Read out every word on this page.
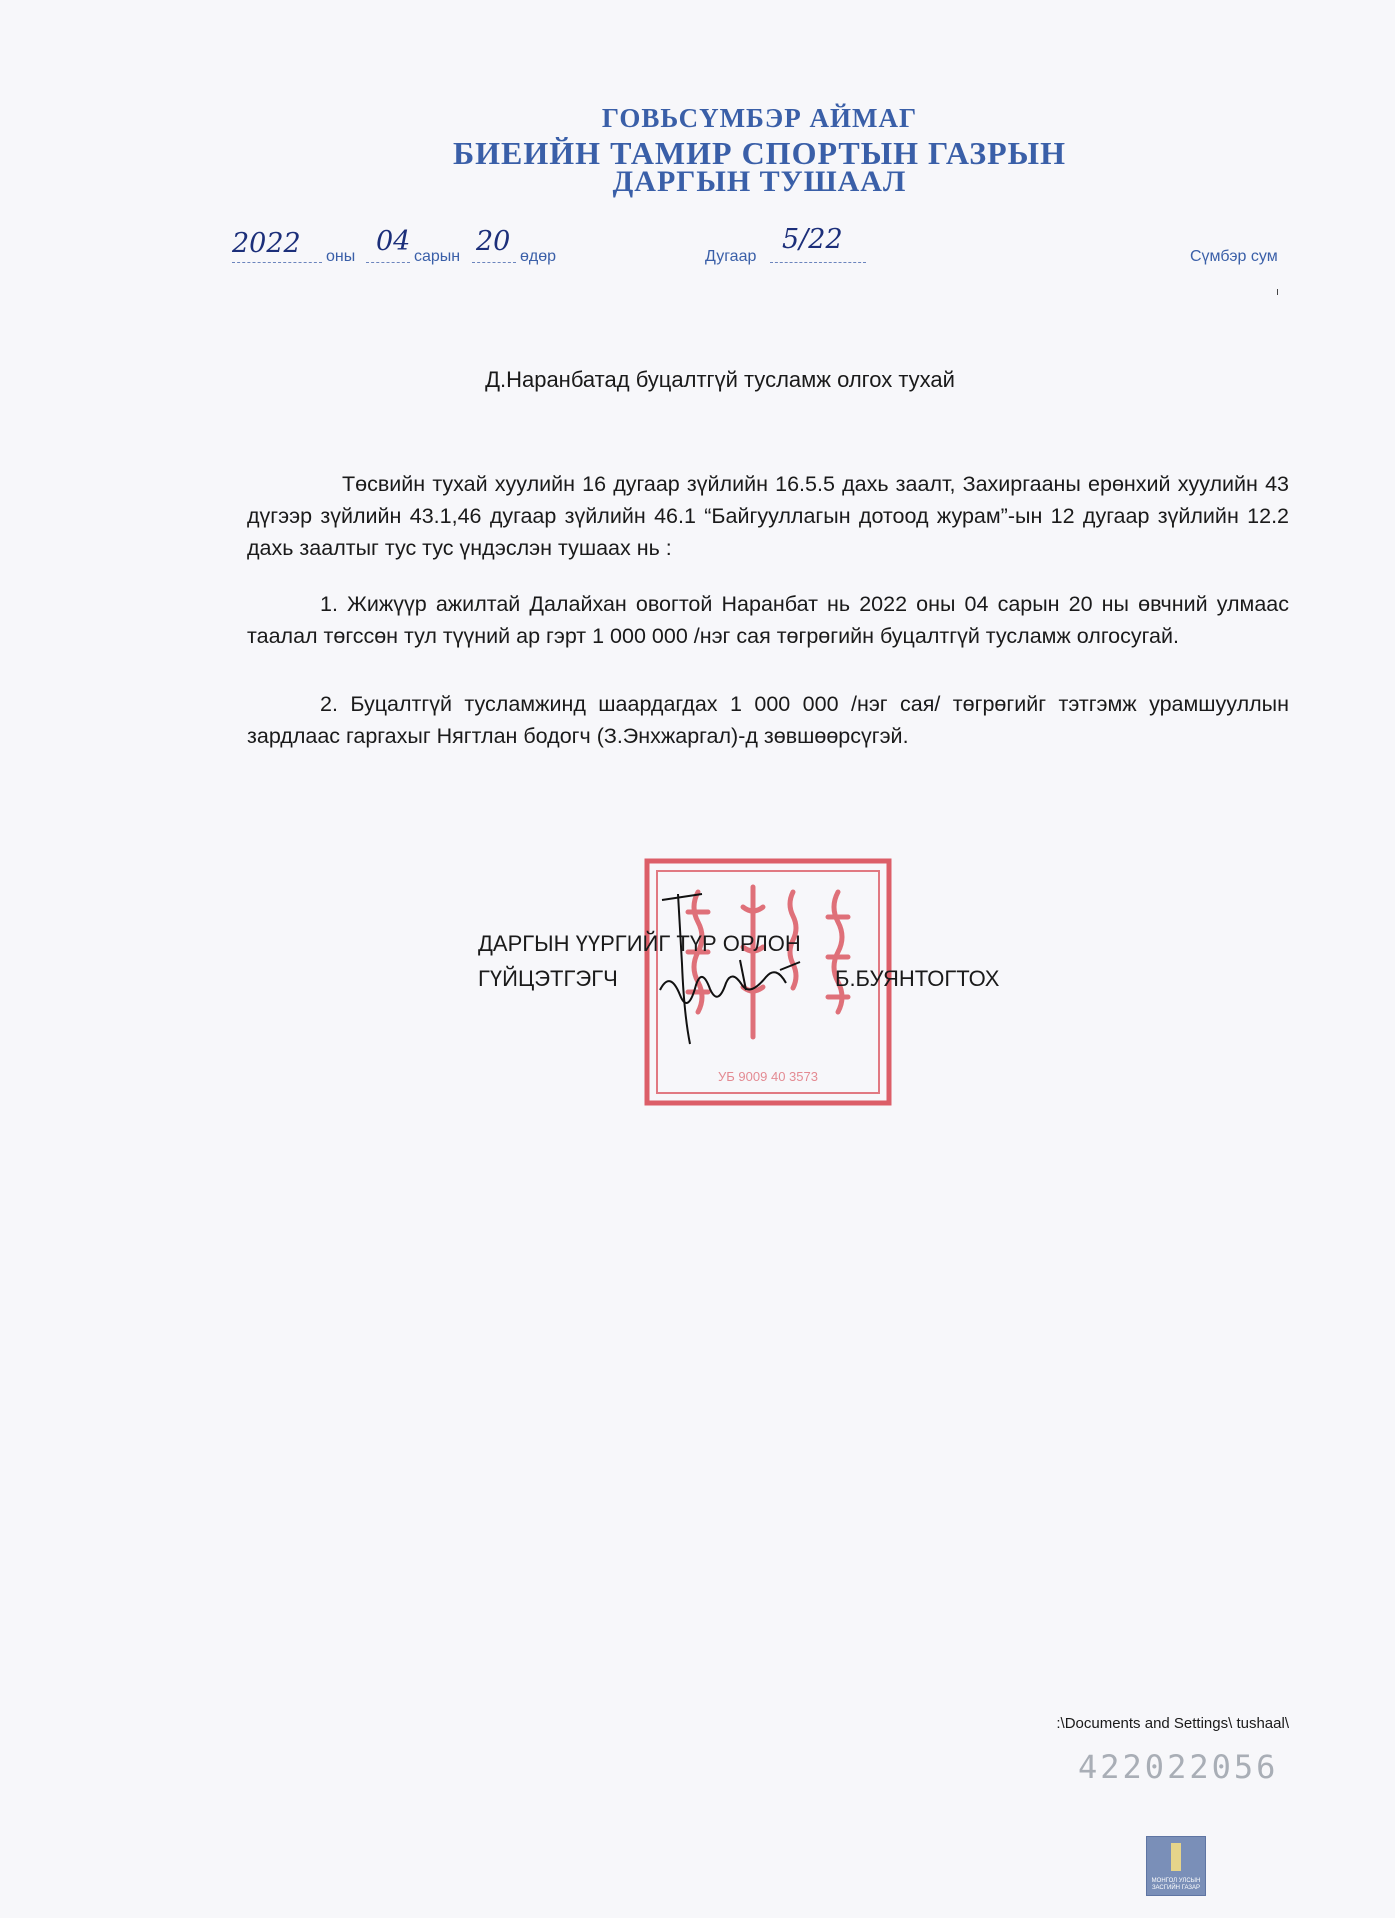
ГОВЬСҮМБЭР АЙМАГ
БИЕИЙН ТАМИР СПОРТЫН ГАЗРЫН
ДАРГЫН ТУШААЛ
2022 оны 04 сарын 20 өдөр	Дугаар
5/22
Сүмбэр сум
Д.Наранбатад буцалтгүй тусламж олгох тухай
Төсвийн тухай хуулийн 16 дугаар зүйлийн 16.5.5 дахь заалт, Захиргааны ерөнхий хуулийн 43 дүгээр зүйлийн 43.1,46 дугаар зүйлийн 46.1 “Байгууллагын дотоод журам”-ын 12 дугаар зүйлийн 12.2 дахь заалтыг тус тус үндэслэн тушаах нь :
1. Жижүүр ажилтай Далайхан овогтой Наранбат нь 2022 оны 04 сарын 20 ны өвчний улмаас таалал төгссөн тул түүний ар гэрт 1 000 000 /нэг сая төгрөгийн буцалтгүй тусламж олгосугай.
2. Буцалтгүй тусламжинд шаардагдах 1 000 000 /нэг сая/ төгрөгийг тэтгэмж урамшууллын зардлаас гаргахыг Нягтлан бодогч (З.Энхжаргал)-д зөвшөөрсүгэй.
УБ 9009 40 3573
ДАРГЫН ҮҮРГИЙГ ТҮР ОРЛОН
ГҮЙЦЭТГЭГЧ	Б.БУЯНТОГТОХ
:\Documents and Settings\ tushaal\
422022056
МОНГОЛ УЛСЫН ЗАСГИЙН ГАЗАР
